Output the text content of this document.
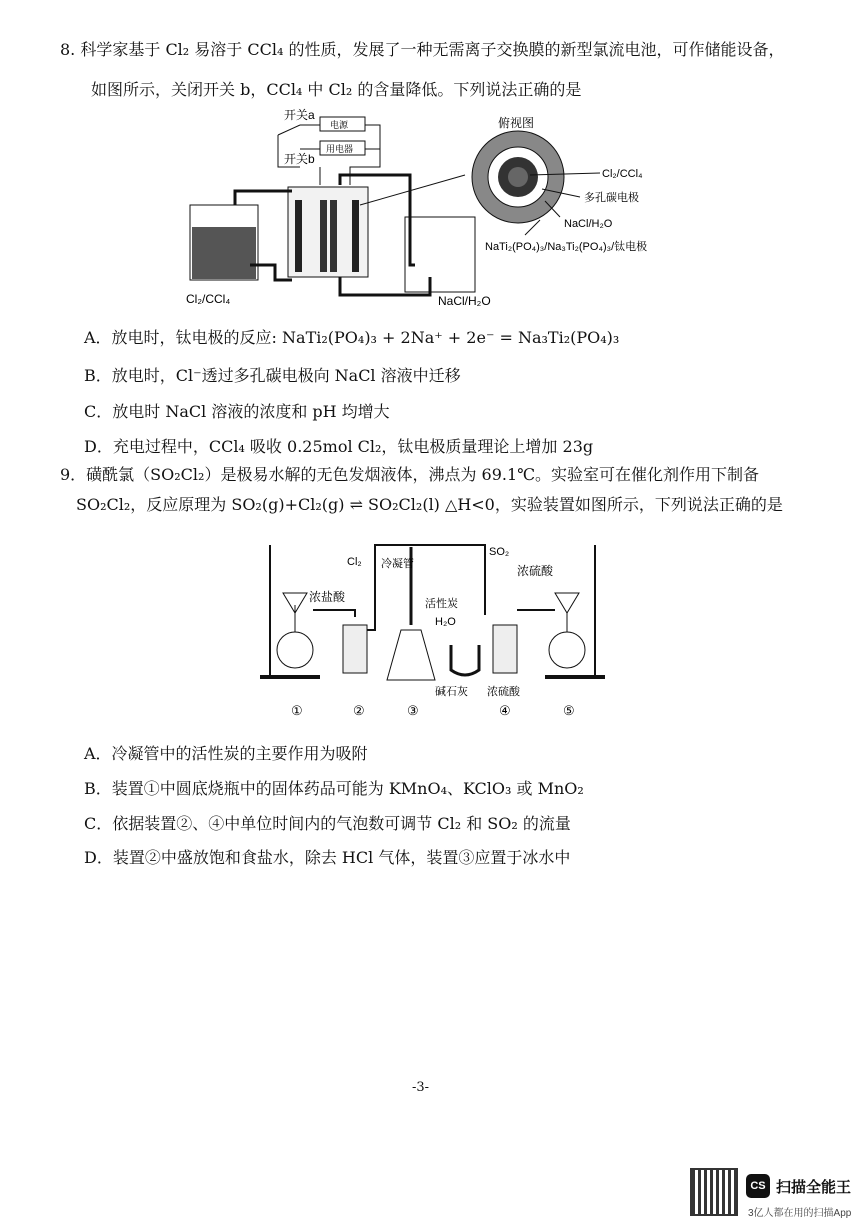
8. 科学家基于 Cl₂ 易溶于 CCl₄ 的性质，发展了一种无需离子交换膜的新型氯流电池，可作储能设备，
如图所示，关闭开关 b，CCl₄ 中 Cl₂ 的含量降低。下列说法正确的是
开关a
开关b
电源
用电器
Cl₂/CCl₄	NaCl/H₂O
俯视图
Cl₂/CCl₄
多孔碳电极
NaCl/H₂O
NaTi₂(PO₄)₃/Na₃Ti₂(PO₄)₃/钛电极
A．放电时，钛电极的反应: NaTi₂(PO₄)₃ + 2Na⁺ + 2e⁻ = Na₃Ti₂(PO₄)₃
B．放电时，Cl⁻透过多孔碳电极向 NaCl 溶液中迁移
C．放电时 NaCl 溶液的浓度和 pH 均增大
D．充电过程中，CCl₄ 吸收 0.25mol Cl₂，钛电极质量理论上增加 23g
9．磺酰氯（SO₂Cl₂）是极易水解的无色发烟液体，沸点为 69.1℃。实验室可在催化剂作用下制备
SO₂Cl₂，反应原理为 SO₂(g)+Cl₂(g) ⇌ SO₂Cl₂(l) △H<0，实验装置如图所示，下列说法正确的是
浓盐酸
①	②
Cl₂
SO₂
冷凝管
活性炭
H₂O
③
碱石灰 浓硫酸
④
浓硫酸
⑤
A．冷凝管中的活性炭的主要作用为吸附
B．装置①中圆底烧瓶中的固体药品可能为 KMnO₄、KClO₃ 或 MnO₂
C．依据装置②、④中单位时间内的气泡数可调节 Cl₂ 和 SO₂ 的流量
D．装置②中盛放饱和食盐水，除去 HCl 气体，装置③应置于冰水中
-3-
CS 扫描全能王
3亿人都在用的扫描App
